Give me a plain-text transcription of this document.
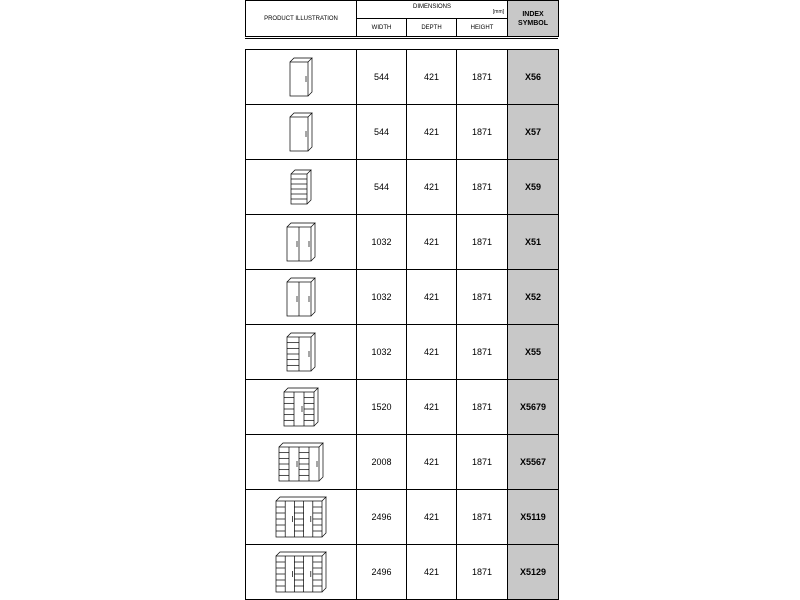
PRODUCT ILLUSTRATION	DIMENSIONS
[mm]			INDEX
SYMBOL
	WIDTH	DEPTH	HEIGHT	
	544	421	1871	X56

	544	421	1871	X57

	544	421	1871	X59

	1032	421	1871	X51

	1032	421	1871	X52

	1032	421	1871	X55

	1520	421	1871	X5679

	2008	421	1871	X5567

	2496	421	1871	X5119

	2496	421	1871	X5129
